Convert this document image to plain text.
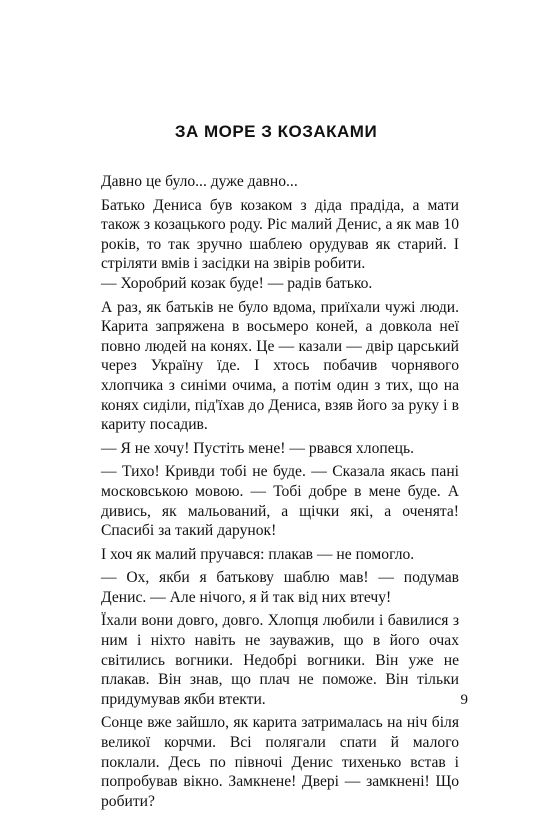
ЗА МОРЕ З КОЗАКАМИ

Давно це було... дуже давно...

Батько Дениса був козаком з діда прадіда, а мати також з козацького роду. Ріс малий Денис, а як мав 10 років, то так зручно шаблею орудував як старий. І стріляти вмів і засідки на звірів робити.

— Хоробрий козак буде! — радів батько.

А раз, як батьків не було вдома, приїхали чужі люди. Карита запряжена в восьмеро коней, а довкола неї повно людей на конях. Це — казали — двір царський через Україну їде. І хтось побачив чорнявого хлопчика з синіми очима, а потім один з тих, що на конях сиділи, під'їхав до Дениса, взяв його за руку і в кариту посадив.

— Я не хочу! Пустіть мене! — рвався хлопець.

— Тихо! Кривди тобі не буде. — Сказала якась пані московською мовою. — Тобі добре в мене буде. А дивись, як мальований, а щічки які, а оченята! Спасибі за такий дарунок!

І хоч як малий пручався: плакав — не помогло.

— Ох, якби я батькову шаблю мав! — подумав Денис. — Але нічого, я й так від них втечу!

Їхали вони довго, довго. Хлопця любили і бавилися з ним і ніхто навіть не зауважив, що в його очах світились вогники. Недобрі вогники. Він уже не плакав. Він знав, що плач не поможе. Він тільки придумував якби втекти.

Сонце вже зайшло, як карита затрималась на ніч біля великої корчми. Всі полягали спати й малого поклали. Десь по півночі Денис тихенько встав і попробував вікно. Замкнене! Двері — замкнені! Що робити?

9
